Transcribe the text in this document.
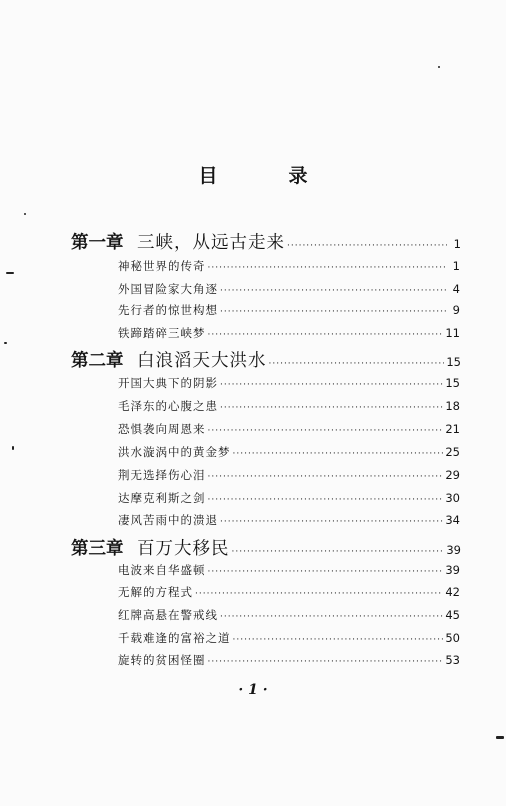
目　录
第一章 三峡，从远古走来 ·····	1
神秘世界的传奇 ·····	1
外国冒险家大角逐 ·····	4
先行者的惊世构想 ·····	9
铁蹄踏碎三峡梦 ·····	11
第二章 白浪滔天大洪水 ·····	15
开国大典下的阴影 ·····	15
毛泽东的心腹之患 ·····	18
恐惧袭向周恩来 ·····	21
洪水漩涡中的黄金梦 ·····	25
荆无选择伤心泪 ·····	29
达摩克利斯之剑 ·····	30
凄风苦雨中的溃退 ·····	34
第三章 百万大移民 ·····	39
电波来自华盛顿 ·····	39
无解的方程式 ·····	42
红牌高悬在警戒线 ·····	45
千载难逢的富裕之道 ·····	50
旋转的贫困怪圈 ·····	53
· 1 ·
